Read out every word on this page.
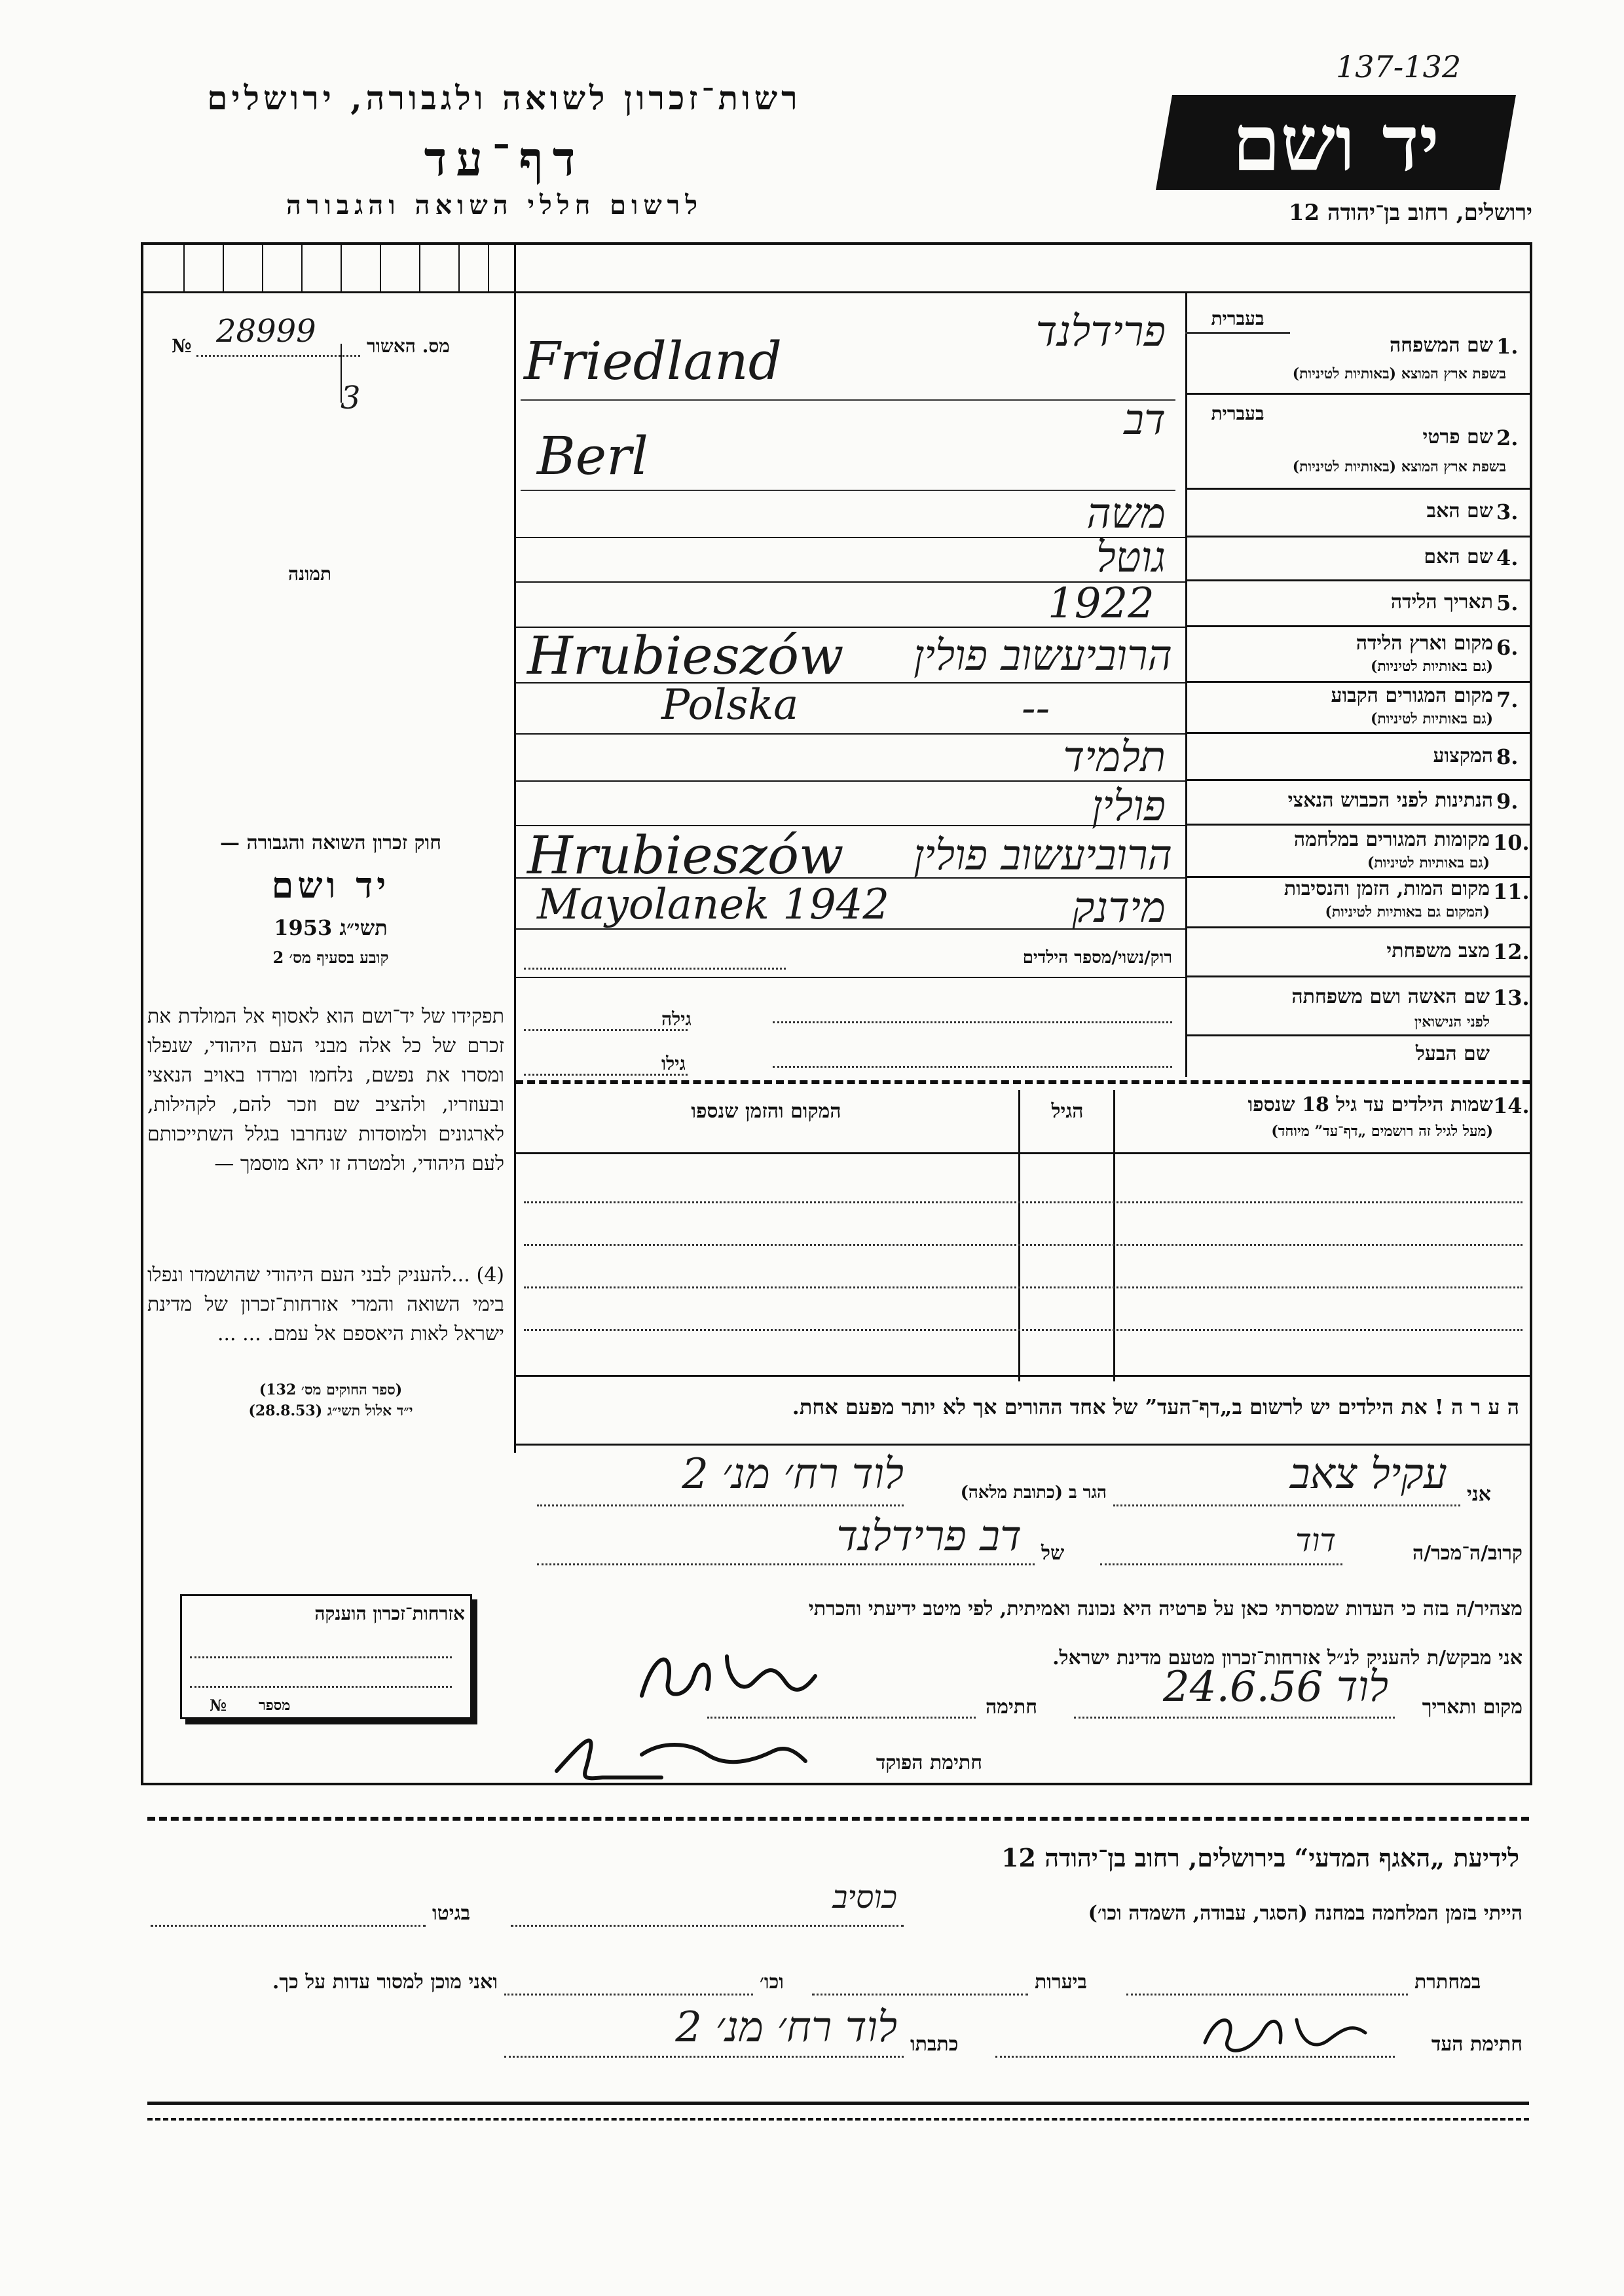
רשות־זכרון לשואה ולגבורה, ירושלים
דף־עד
לרשום חללי השואה והגבורה
137-132
יד ושם
ירושלים, רחוב בן־יהודה 12
№ 28999
3
מס. האשור
תמונה
חוק זכרון השואה והגבורה —
יד ושם
תשי״ג 1953
קובע בסעיף מס׳ 2
תפקידו של יד־ושם הוא לאסוף אל המולדת את זכרם של כל אלה מבני העם היהודי, שנפלו ומסרו את נפשם, נלחמו ומרדו באויב הנאצי ובעוזריו, ולהציב שם וזכר להם, לקהילות, לארגונים ולמוסדות שנחרבו בגלל השתייכותם לעם היהודי, ולמטרה זו יהא מוסמך —
(4) ...להעניק לבני העם היהודי שהושמדו ונפלו בימי השואה והמרי אזרחות־זכרון של מדינת ישראל לאות היאספם אל עמם. ... ...
(ספר החוקים מס׳ 132)
י״ד אלול תשי״ג (28.8.53)
אזרחות־זכרון הוענקה
№ מספר
בעברית
1.
שם המשפחה
בשפת ארץ המוצא (באותיות לטיניות)
בעברית
2.
שם פרטי
בשפת ארץ המוצא (באותיות לטיניות)
3.
שם האב
4.
שם האם
5.
תאריך הלידה
6.
מקום וארץ הלידה
(גם באותיות לטיניות)
7.
מקום המגורים הקבוע
(גם באותיות לטיניות)
8.
המקצוע
9.
הנתינות לפני הכבוש הנאצי
10.
מקומות המגורים במלחמה
(גם באותיות לטיניות)
11.
מקום המות, הזמן והנסיבות
(המקום גם באותיות לטיניות)
12.
מצב משפחתי
13.
שם האשה ושם משפחתה
לפני הנישואין
שם הבעל
פרידלנד
Friedland
דב
Berl
משה
גוטל
1922
הרוביעשוב פולין
Hrubieszów
--
Polska
תלמיד
פולין
הרוביעשוב פולין
Hrubieszów
מידנק
Mayolanek 1942
רוק/נשוי/מספר הילדים
גילה
גילו
14.
שמות הילדים עד גיל 18 שנספו
(מעל לגיל זה רושמים „דף־עד” מיוחד)
הגיל
המקום והזמן שנספו
ה ע ר ה ! את הילדים יש לרשום ב„דף־העד” של אחד ההורים אך לא יותר מפעם אחת.
אני
עקיל צאב
הגר ב (כתובת מלאה)
לוד רח׳ מנ׳ 2
קרוב/ה־מכר/ה
דוד
של
דב פרידלנד
מצהיר/ה בזה כי העדות שמסרתי כאן על פרטיה היא נכונה ואמיתית, לפי מיטב ידיעתי והכרתי
אני מבקש/ת להעניק לנ״ל אזרחות־זכרון מטעם מדינת ישראל.
מקום ותאריך
לוד 24.6.56
חתימה
חתימת הפוקד
לידיעת „האגף המדעי“ בירושלים, רחוב בן־יהודה 12
הייתי בזמן המלחמה במחנה (הסגר, עבודה, השמדה וכו׳)
כוסיב
בגיטו
במחתרת
ביערות
וכו׳
ואני מוכן למסור עדות על כך.
חתימת העד
כתבתו
לוד רח׳ מנ׳ 2
